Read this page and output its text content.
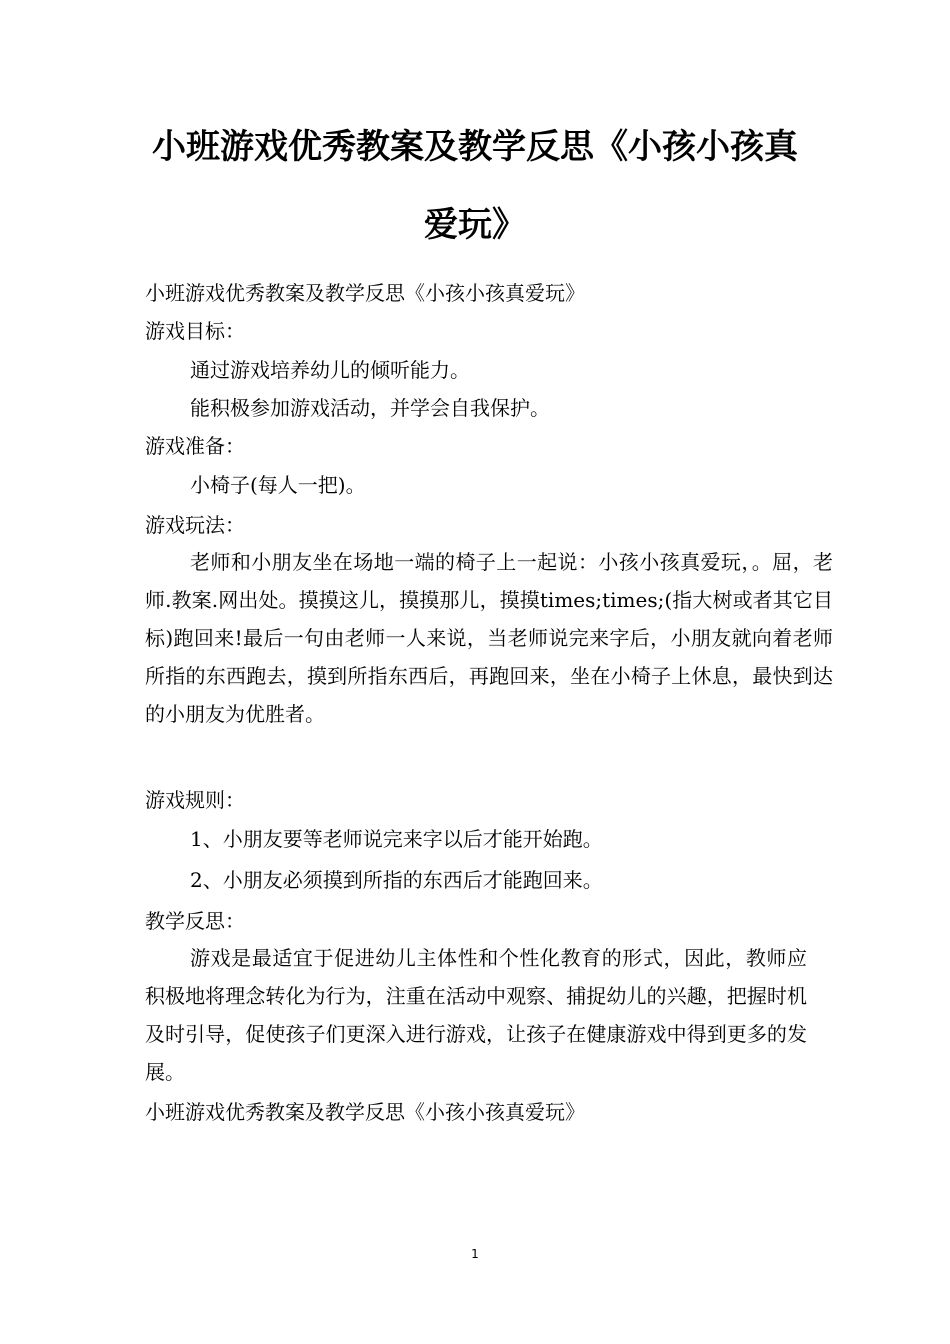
小班游戏优秀教案及教学反思《小孩小孩真
爱玩》

小班游戏优秀教案及教学反思《小孩小孩真爱玩》

游戏目标：

通过游戏培养幼儿的倾听能力。

能积极参加游戏活动，并学会自我保护。

游戏准备：

小椅子(每人一把)。

游戏玩法：

老师和小朋友坐在场地一端的椅子上一起说：小孩小孩真爱玩，。屈，老师.教案.网出处。摸摸这儿，摸摸那儿，摸摸times;times;(指大树或者其它目标)跑回来!最后一句由老师一人来说，当老师说完来字后，小朋友就向着老师所指的东西跑去，摸到所指东西后，再跑回来，坐在小椅子上休息，最快到达的小朋友为优胜者。

游戏规则：

1、小朋友要等老师说完来字以后才能开始跑。

2、小朋友必须摸到所指的东西后才能跑回来。

教学反思：

游戏是最适宜于促进幼儿主体性和个性化教育的形式，因此，教师应积极地将理念转化为行为，注重在活动中观察、捕捉幼儿的兴趣，把握时机及时引导，促使孩子们更深入进行游戏，让孩子在健康游戏中得到更多的发展。

小班游戏优秀教案及教学反思《小孩小孩真爱玩》

1
